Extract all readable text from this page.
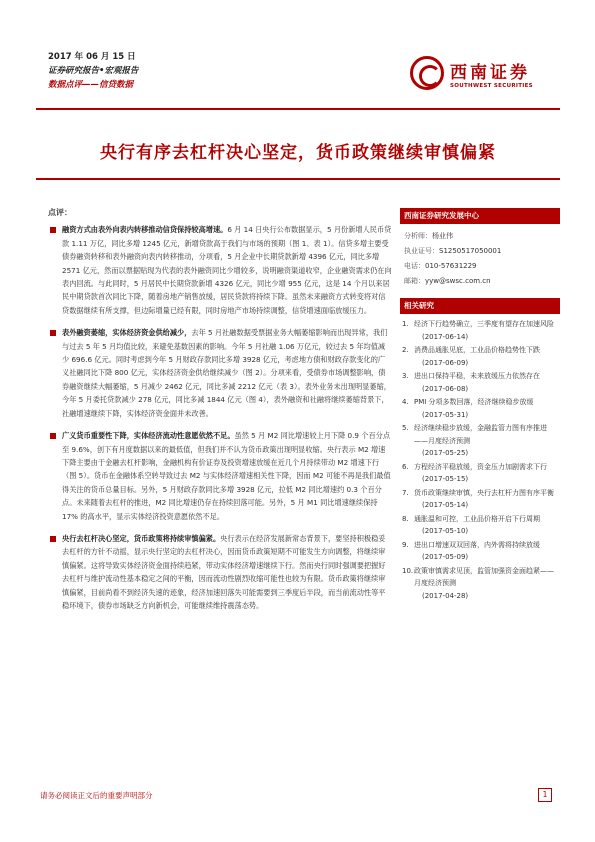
2017 年 06 月 15 日
证券研究报告•宏观报告
数据点评——信贷数据
西南证券
SOUTHWEST SECURITIES
央行有序去杠杆决心坚定，货币政策继续审慎偏紧
点评：
融资方式由表外向表内转移推动信贷保持较高增速。6 月 14 日央行公布数据显示，5 月份新增人民币贷款 1.11 万亿，同比多增 1245 亿元，新增贷款高于我们与市场的预期（图 1、表 1）。信贷多增主要受债券融资转移和表外融资向表内转移推动，分项看，5 月企业中长期贷款新增 4396 亿元，同比多增 2571 亿元，然而以票据贴现为代表的表外融资同比少增较多，说明融资渠道收窄，企业融资需求仍在向表内回流。与此同时，5 月居民中长期贷款新增 4326 亿元，同比少增 955 亿元，这是 14 个月以来居民中期贷款首次同比下降，随着房地产销售放缓，居民贷款将持续下降。虽然未来融资方式转变将对信贷数据继续有所支撑，但边际增量已经有限，同时房地产市场持续调整，信贷增速面临放缓压力。
表外融资萎缩，实体经济资金供给减少，去年 5 月社融数据受票据业务大幅萎缩影响而出现异常，我们与过去 5 年 5 月均值比较，来避免基数因素的影响。今年 5 月社融 1.06 万亿元，较过去 5 年均值减少 696.6 亿元。同时考虑到今年 5 月财政存款同比多增 3928 亿元，考虑地方债和财政存款变化的广义社融同比下降 800 亿元，实体经济资金供给继续减少（图 2）。分项来看，受债券市场调整影响，债券融资继续大幅萎缩，5 月减少 2462 亿元，同比多减 2212 亿元（表 3）。表外业务未出现明显萎缩，今年 5 月委托贷款减少 278 亿元，同比多减 1844 亿元（图 4），表外融资和社融将继续萎缩背景下，社融增速继续下降，实体经济资金面并未改善。
广义货币重要性下降，实体经济流动性意愿依然不足。虽然 5 月 M2 同比增速较上月下降 0.9 个百分点至 9.6%，创下有月度数据以来的最低值，但我们并不认为货币政策出现明显收缩。央行表示 M2 增速下降主要由于金融去杠杆影响，金融机构有价证券及投资增速放缓在近几个月持续带动 M2 增速下行（图 5）。货币在金融体系空转导致过去 M2 与实体经济增速相关性下降，因而 M2 可能不再是我们最值得关注的货币总量目标。另外，5 月财政存款同比多增 3928 亿元，拉低 M2 同比增速约 0.3 个百分点。未来随着去杠杆的推进，M2 同比增速仍存在持续回落可能。另外，5 月 M1 同比增速继续保持 17% 的高水平，显示实体经济投资意愿依然不足。
央行去杠杆决心坚定，货币政策将持续审慎偏紧。央行表示在经济发展新常态背景下，要坚持积极稳妥去杠杆的方针不动摇，显示央行坚定的去杠杆决心，因而货币政策短期不可能发生方向调整，将继续审慎偏紧。这将导致实体经济资金面持续趋紧，带动实体经济增速继续下行。然而央行同时强调要把握好去杠杆与维护流动性基本稳定之间的平衡，因而流动性剧烈收缩可能性也较为有限。货币政策将继续审慎偏紧，目前尚看不到经济失速的迹象，经济加速回落失可能需要到三季度后半段，而当前流动性等平稳环境下，债券市场缺乏方向新机会，可能继续维持震荡态势。
西南证券研究发展中心
分析师：杨业伟
执业证号：S1250517050001
电话：010-57631229
邮箱：yyw@swsc.com.cn
相关研究
1. 经济下行趋势确立，三季度有望存在加速风险
(2017-06-14)
2. 消费品通胀见底，工业品价格趋势性下跌
(2017-06-09)
3. 进出口保持平稳，未来放缓压力依然存在
(2017-06-08)
4. PMI 分项多数回落，经济继续稳步放缓
(2017-05-31)
5. 经济继续稳步放缓，金融监管力图有序推进——月度经济预测
(2017-05-25)
6. 方程经济平稳放缓，资金压力加剧需求下行
(2017-05-15)
7. 货币政策继续审慎，央行去杠杆力图有序平衡
(2017-05-14)
8. 通胀温和可控，工业品价格开启下行周期
(2017-05-10)
9. 进出口增速双双回落，内外需将持续放缓
(2017-05-09)
10. 政策审慎需求见顶，监管加强资金面趋紧——月度经济预测
(2017-04-28)
请务必阅读正文后的重要声明部分	1
